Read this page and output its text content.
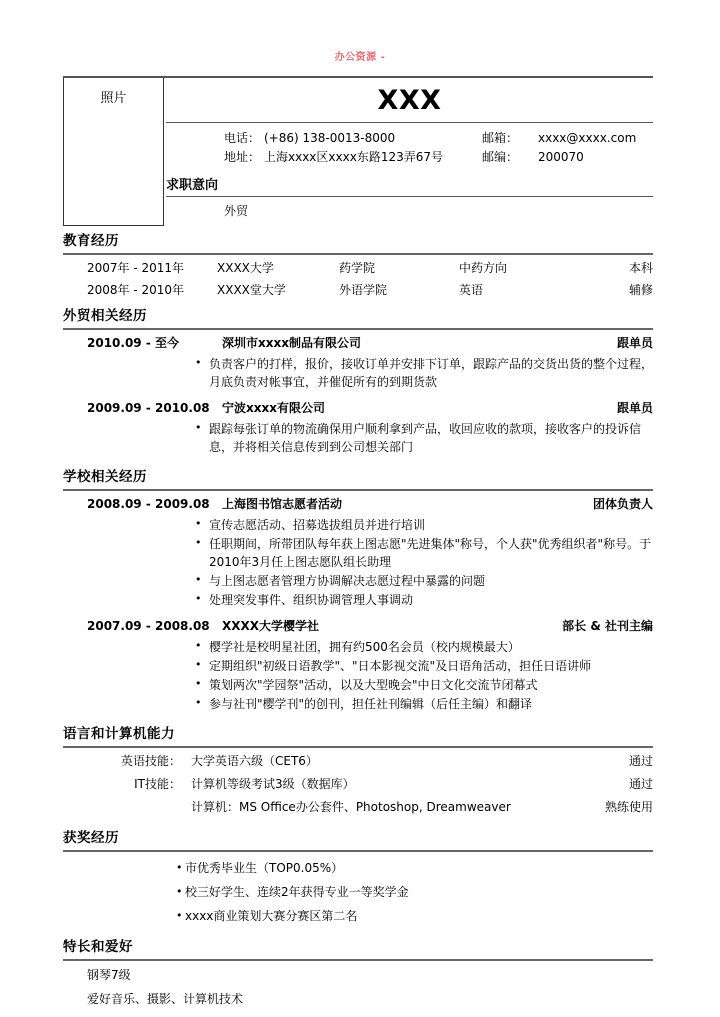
办公资源 -
照片	XXX
电话： (+86) 138-0013-8000	邮箱：	xxxx@xxxx.com
地址： 上海xxxx区xxxx东路123弄67号	邮编：	200070
求职意向
外贸
教育经历
2007年 - 2011年	XXXX大学	药学院	中药方向	本科
2008年 - 2010年	XXXX堂大学	外语学院	英语	辅修
外贸相关经历
2010.09 - 至今	深圳市xxxx制品有限公司	跟单员
• 负责客户的打样，报价，接收订单并安排下订单，跟踪产品的交货出货的整个过程，月底负责对帐事宜，并催促所有的到期货款
2009.09 - 2010.08	宁波xxxx有限公司	跟单员
• 跟踪每张订单的物流确保用户顺利拿到产品，收回应收的款项，接收客户的投诉信息，并将相关信息传到到公司想关部门
学校相关经历
2008.09 - 2009.08	上海图书馆志愿者活动	团体负责人
• 宣传志愿活动、招募选拔组员并进行培训
• 任职期间，所带团队每年获上图志愿"先进集体"称号，个人获"优秀组织者"称号。于2010年3月任上图志愿队组长助理
• 与上图志愿者管理方协调解决志愿过程中暴露的问题
• 处理突发事件、组织协调管理人事调动
2007.09 - 2008.08	XXXX大学樱学社	部长 & 社刊主编
• 樱学社是校明星社团，拥有约500名会员（校内规模最大）
• 定期组织"初级日语教学"、"日本影视交流"及日语角活动，担任日语讲师
• 策划两次"学园祭"活动，以及大型晚会"中日文化交流节闭幕式
• 参与社刊"樱学刊"的创刊，担任社刊编辑（后任主编）和翻译
语言和计算机能力
英语技能： 大学英语六级（CET6）	通过
IT技能： 计算机等级考试3级（数据库）	通过
计算机：MS Office办公套件、Photoshop, Dreamweaver	熟练使用
获奖经历
• 市优秀毕业生（TOP0.05%）
• 校三好学生、连续2年获得专业一等奖学金
• xxxx商业策划大赛分赛区第二名
特长和爱好
钢琴7级
爱好音乐、摄影、计算机技术
